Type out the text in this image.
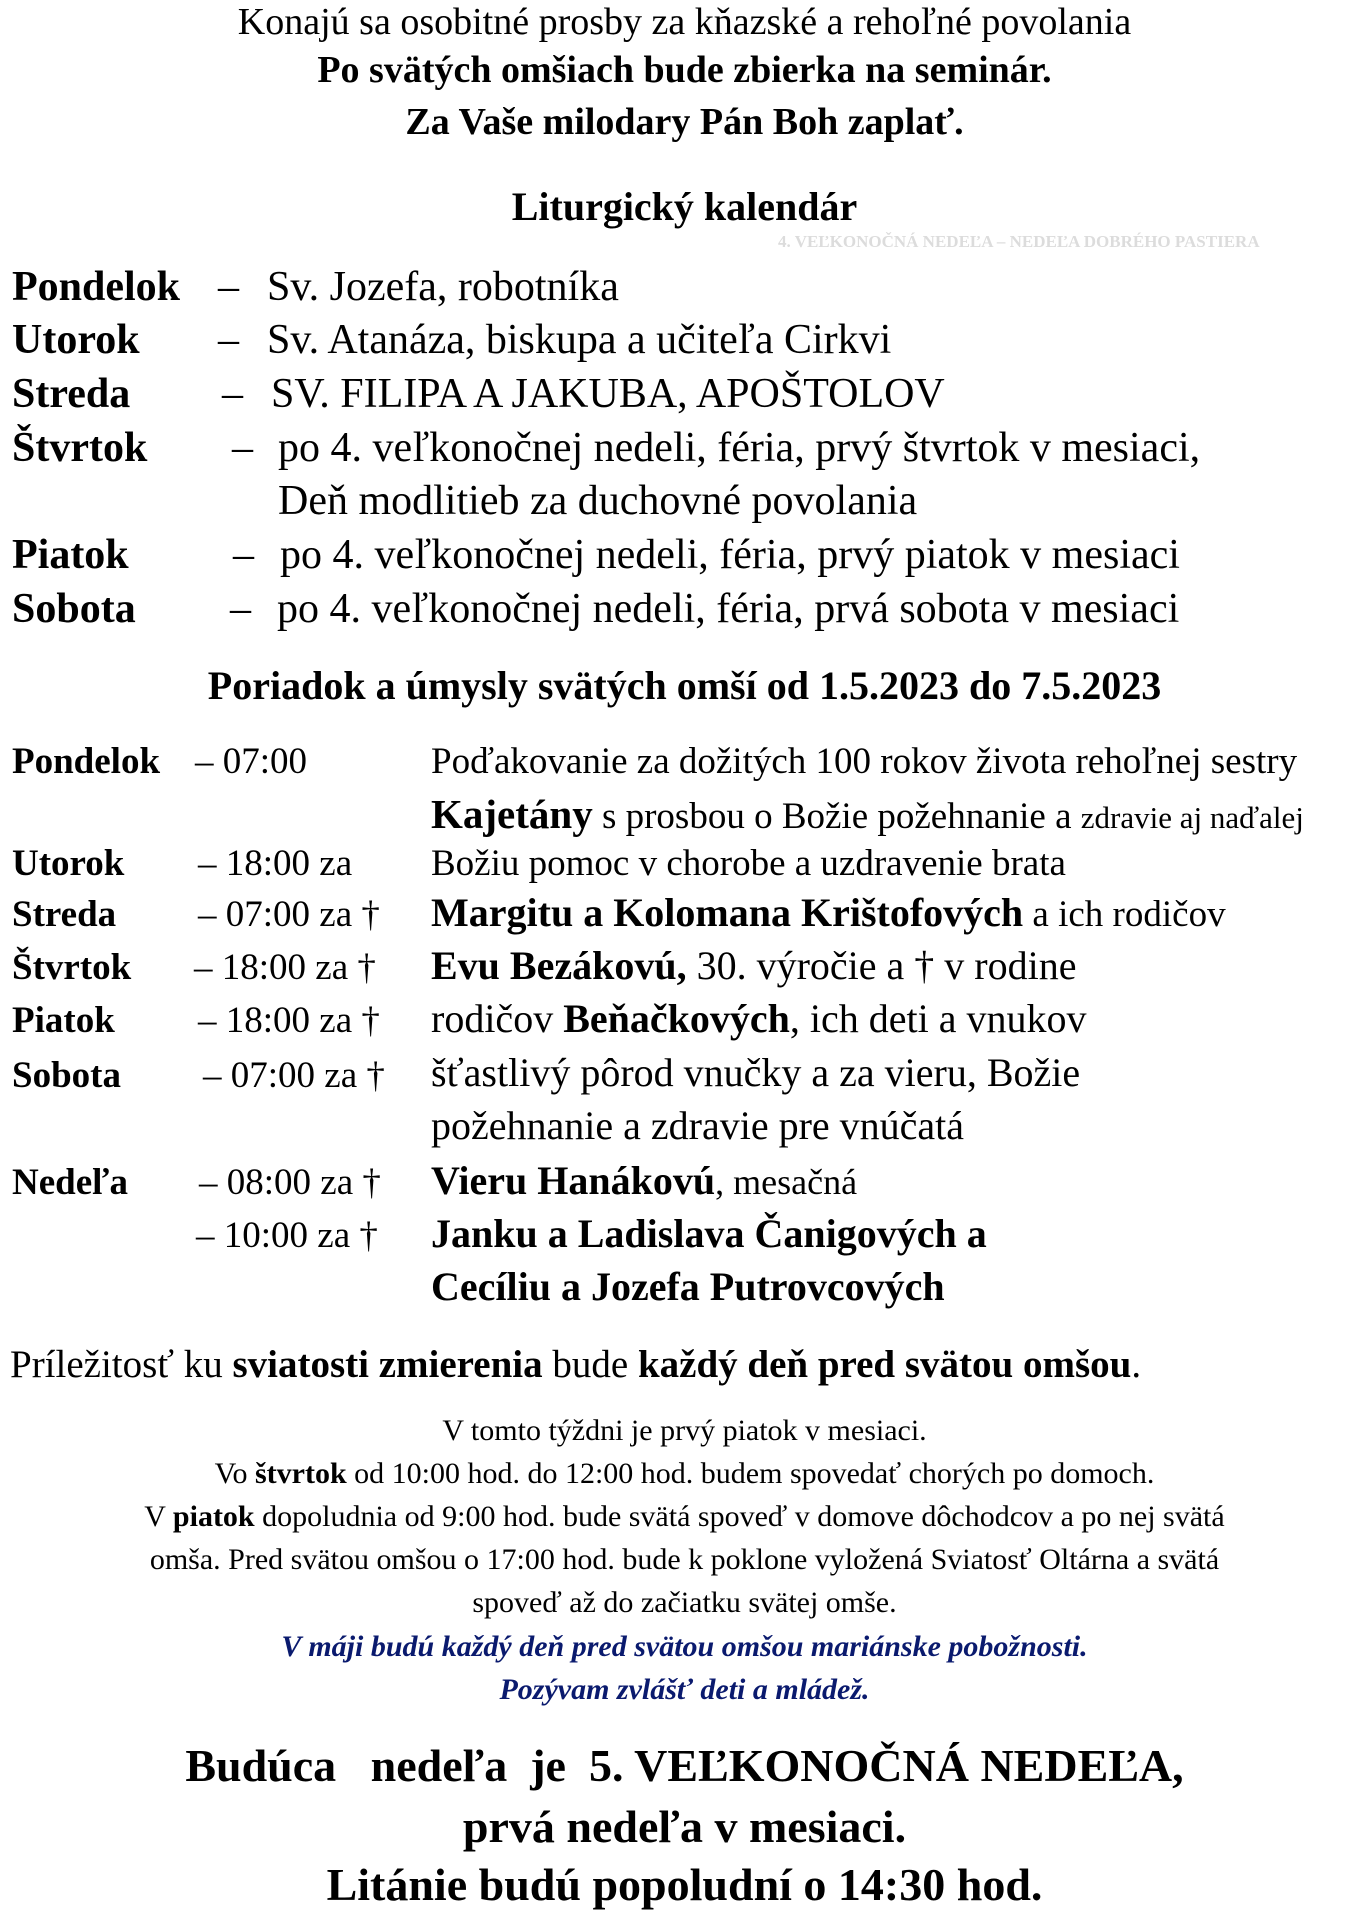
Konajú sa osobitné prosby za kňazské a rehoľné povolania
Po svätých omšiach bude zbierka na seminár.
Za Vaše milodary Pán Boh zaplať.
Liturgický kalendár
4. VEĽKONOČNÁ NEDEĽA – NEDEĽA DOBRÉHO PASTIERA
Pondelok – Sv. Jozefa, robotníka
Utorok – Sv. Atanáza, biskupa a učiteľa Cirkvi
Streda – SV. FILIPA A JAKUBA, APOŠTOLOV
Štvrtok – po 4. veľkonočnej nedeli, féria, prvý štvrtok v mesiaci,
Deň modlitieb za duchovné povolania
Piatok – po 4. veľkonočnej nedeli, féria, prvý piatok v mesiaci
Sobota – po 4. veľkonočnej nedeli, féria, prvá sobota v mesiaci
Poriadok a úmysly svätých omší od 1.5.2023 do 7.5.2023
Pondelok – 07:00	Poďakovanie za dožitých 100 rokov života rehoľnej sestry
Kajetány s prosbou o Božie požehnanie a zdravie aj naďalej
Utorok – 18:00 za Božiu pomoc v chorobe a uzdravenie brata
Streda – 07:00 za † Margitu a Kolomana Krištofových a ich rodičov
Štvrtok – 18:00 za † Evu Bezákovú, 30. výročie a † v rodine
Piatok – 18:00 za † rodičov Beňačkových, ich deti a vnukov
Sobota – 07:00 za † šťastlivý pôrod vnučky a za vieru, Božie
požehnanie a zdravie pre vnúčatá
Nedeľa – 08:00 za † Vieru Hanákovú, mesačná
– 10:00 za † Janku a Ladislava Čanigových a
Cecíliu a Jozefa Putrovcových
Príležitosť ku sviatosti zmierenia bude každý deň pred svätou omšou.
V tomto týždni je prvý piatok v mesiaci.
Vo štvrtok od 10:00 hod. do 12:00 hod. budem spovedať chorých po domoch.
V piatok dopoludnia od 9:00 hod. bude svätá spoveď v domove dôchodcov a po nej svätá
omša. Pred svätou omšou o 17:00 hod. bude k poklone vyložená Sviatosť Oltárna a svätá
spoveď až do začiatku svätej omše.
V máji budú každý deň pred svätou omšou mariánske pobožnosti.
Pozývam zvlášť deti a mládež.
Budúca   nedeľa  je  5. VEĽKONOČNÁ NEDEĽA,
prvá nedeľa v mesiaci.
Litánie budú popoludní o 14:30 hod.
